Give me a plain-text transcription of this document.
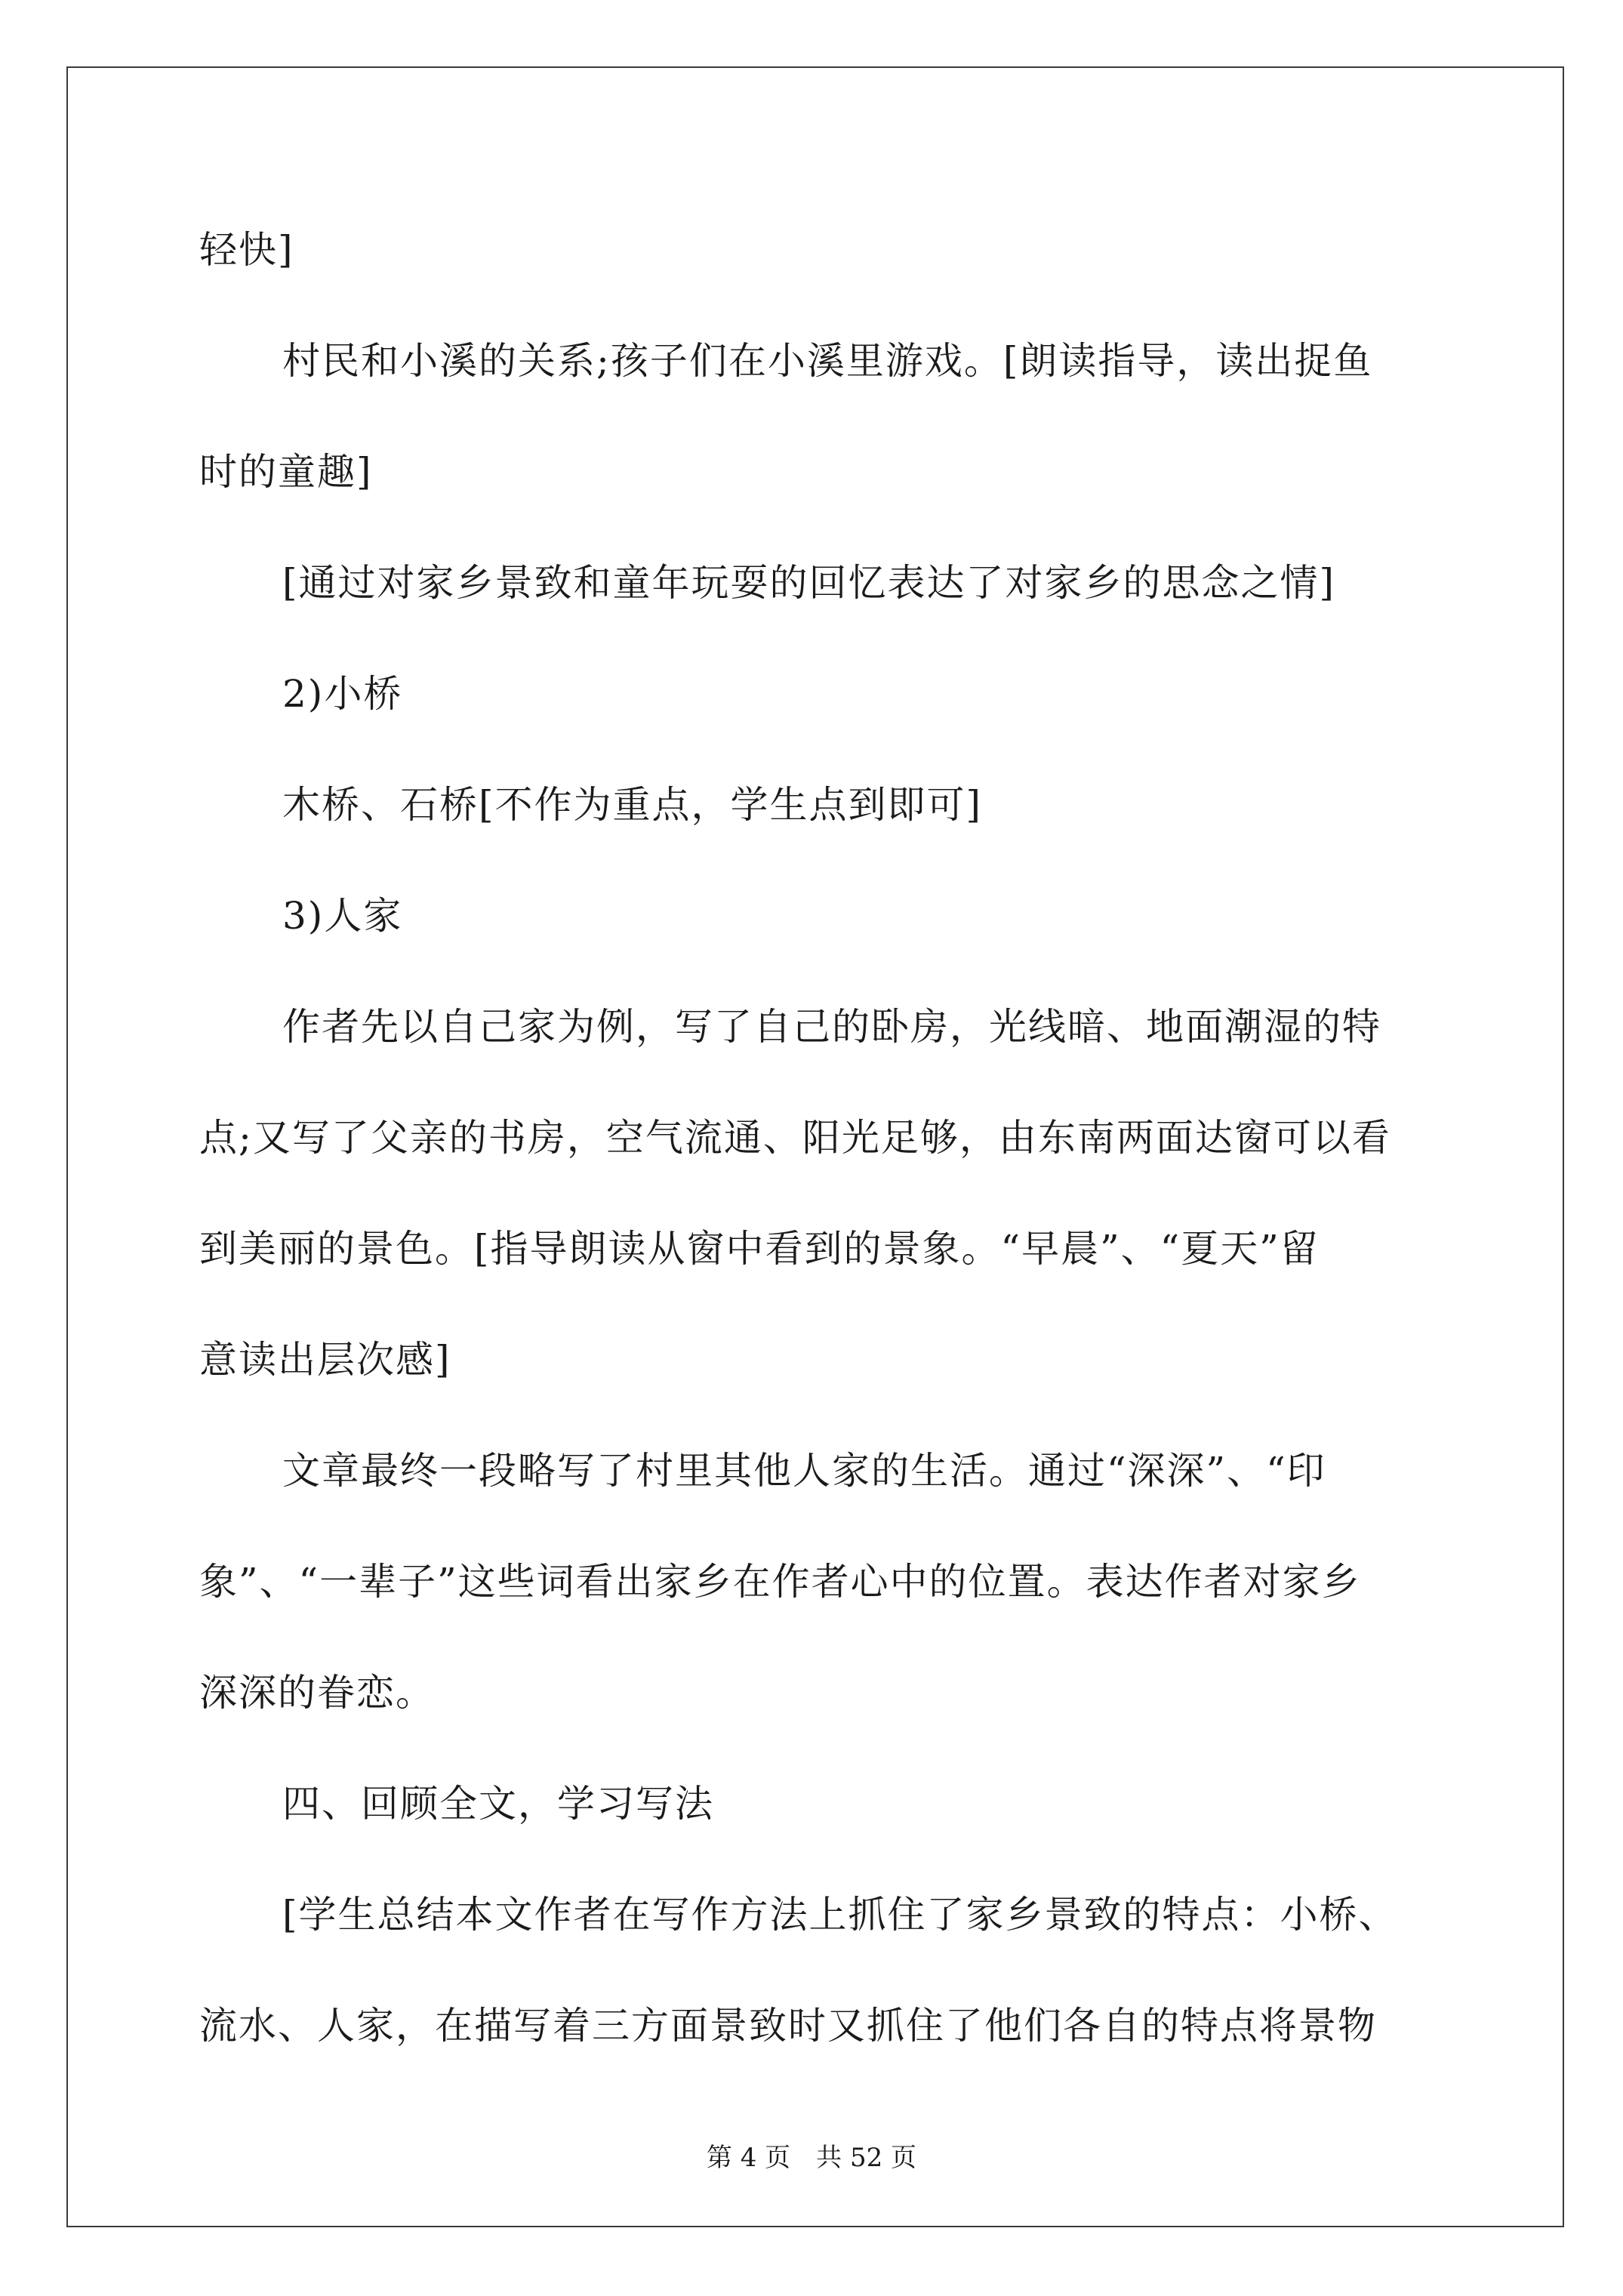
轻快]
村民和小溪的关系;孩子们在小溪里游戏。[朗读指导，读出捉鱼
时的童趣]
[通过对家乡景致和童年玩耍的回忆表达了对家乡的思念之情]
2)小桥
木桥、石桥[不作为重点，学生点到即可]
3)人家
作者先以自己家为例，写了自己的卧房，光线暗、地面潮湿的特
点;又写了父亲的书房，空气流通、阳光足够，由东南两面达窗可以看
到美丽的景色。[指导朗读从窗中看到的景象。“早晨”、“夏天”留
意读出层次感]
文章最终一段略写了村里其他人家的生活。通过“深深”、“印
象”、“一辈子”这些词看出家乡在作者心中的位置。表达作者对家乡
深深的眷恋。
四、回顾全文，学习写法
[学生总结本文作者在写作方法上抓住了家乡景致的特点：小桥、
流水、人家，在描写着三方面景致时又抓住了他们各自的特点将景物
第 4 页　共 52 页
